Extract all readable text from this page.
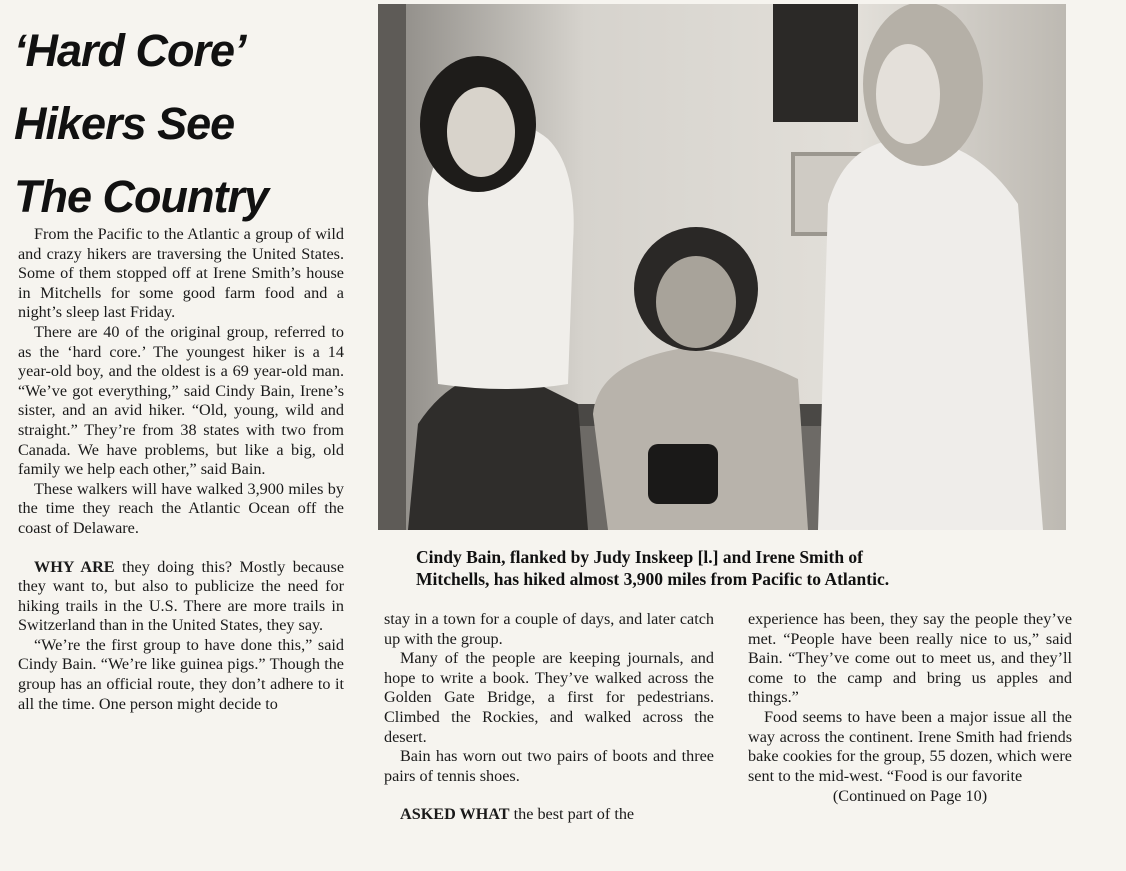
‘Hard Core’
Hikers See
The Country

From the Pacific to the Atlantic a group of wild and crazy hikers are traversing the United States. Some of them stopped off at Irene Smith’s house in Mitchells for some good farm food and a night’s sleep last Friday.

There are 40 of the original group, referred to as the ‘hard core.’ The youngest hiker is a 14 year-old boy, and the oldest is a 69 year-old man. “We’ve got everything,” said Cindy Bain, Irene’s sister, and an avid hiker. “Old, young, wild and straight.” They’re from 38 states with two from Canada. We have problems, but like a big, old family we help each other,” said Bain.

These walkers will have walked 3,900 miles by the time they reach the Atlantic Ocean off the coast of Delaware.

WHY ARE they doing this? Mostly because they want to, but also to publicize the need for hiking trails in the U.S. There are more trails in Switzerland than in the United States, they say.

“We’re the first group to have done this,” said Cindy Bain. “We’re like guinea pigs.” Though the group has an official route, they don’t adhere to it all the time. One person might decide to

Cindy Bain, flanked by Judy Inskeep [l.] and Irene Smith of
Mitchells, has hiked almost 3,900 miles from Pacific to Atlantic.

stay in a town for a couple of days, and later catch up with the group.

Many of the people are keeping journals, and hope to write a book. They’ve walked across the Golden Gate Bridge, a first for pedestrians. Climbed the Rockies, and walked across the desert.

Bain has worn out two pairs of boots and three pairs of tennis shoes.

ASKED WHAT the best part of the

experience has been, they say the people they’ve met. “People have been really nice to us,” said Bain. “They’ve come out to meet us, and they’ll come to the camp and bring us apples and things.”

Food seems to have been a major issue all the way across the continent. Irene Smith had friends bake cookies for the group, 55 dozen, which were sent to the mid-west. “Food is our favorite

(Continued on Page 10)
